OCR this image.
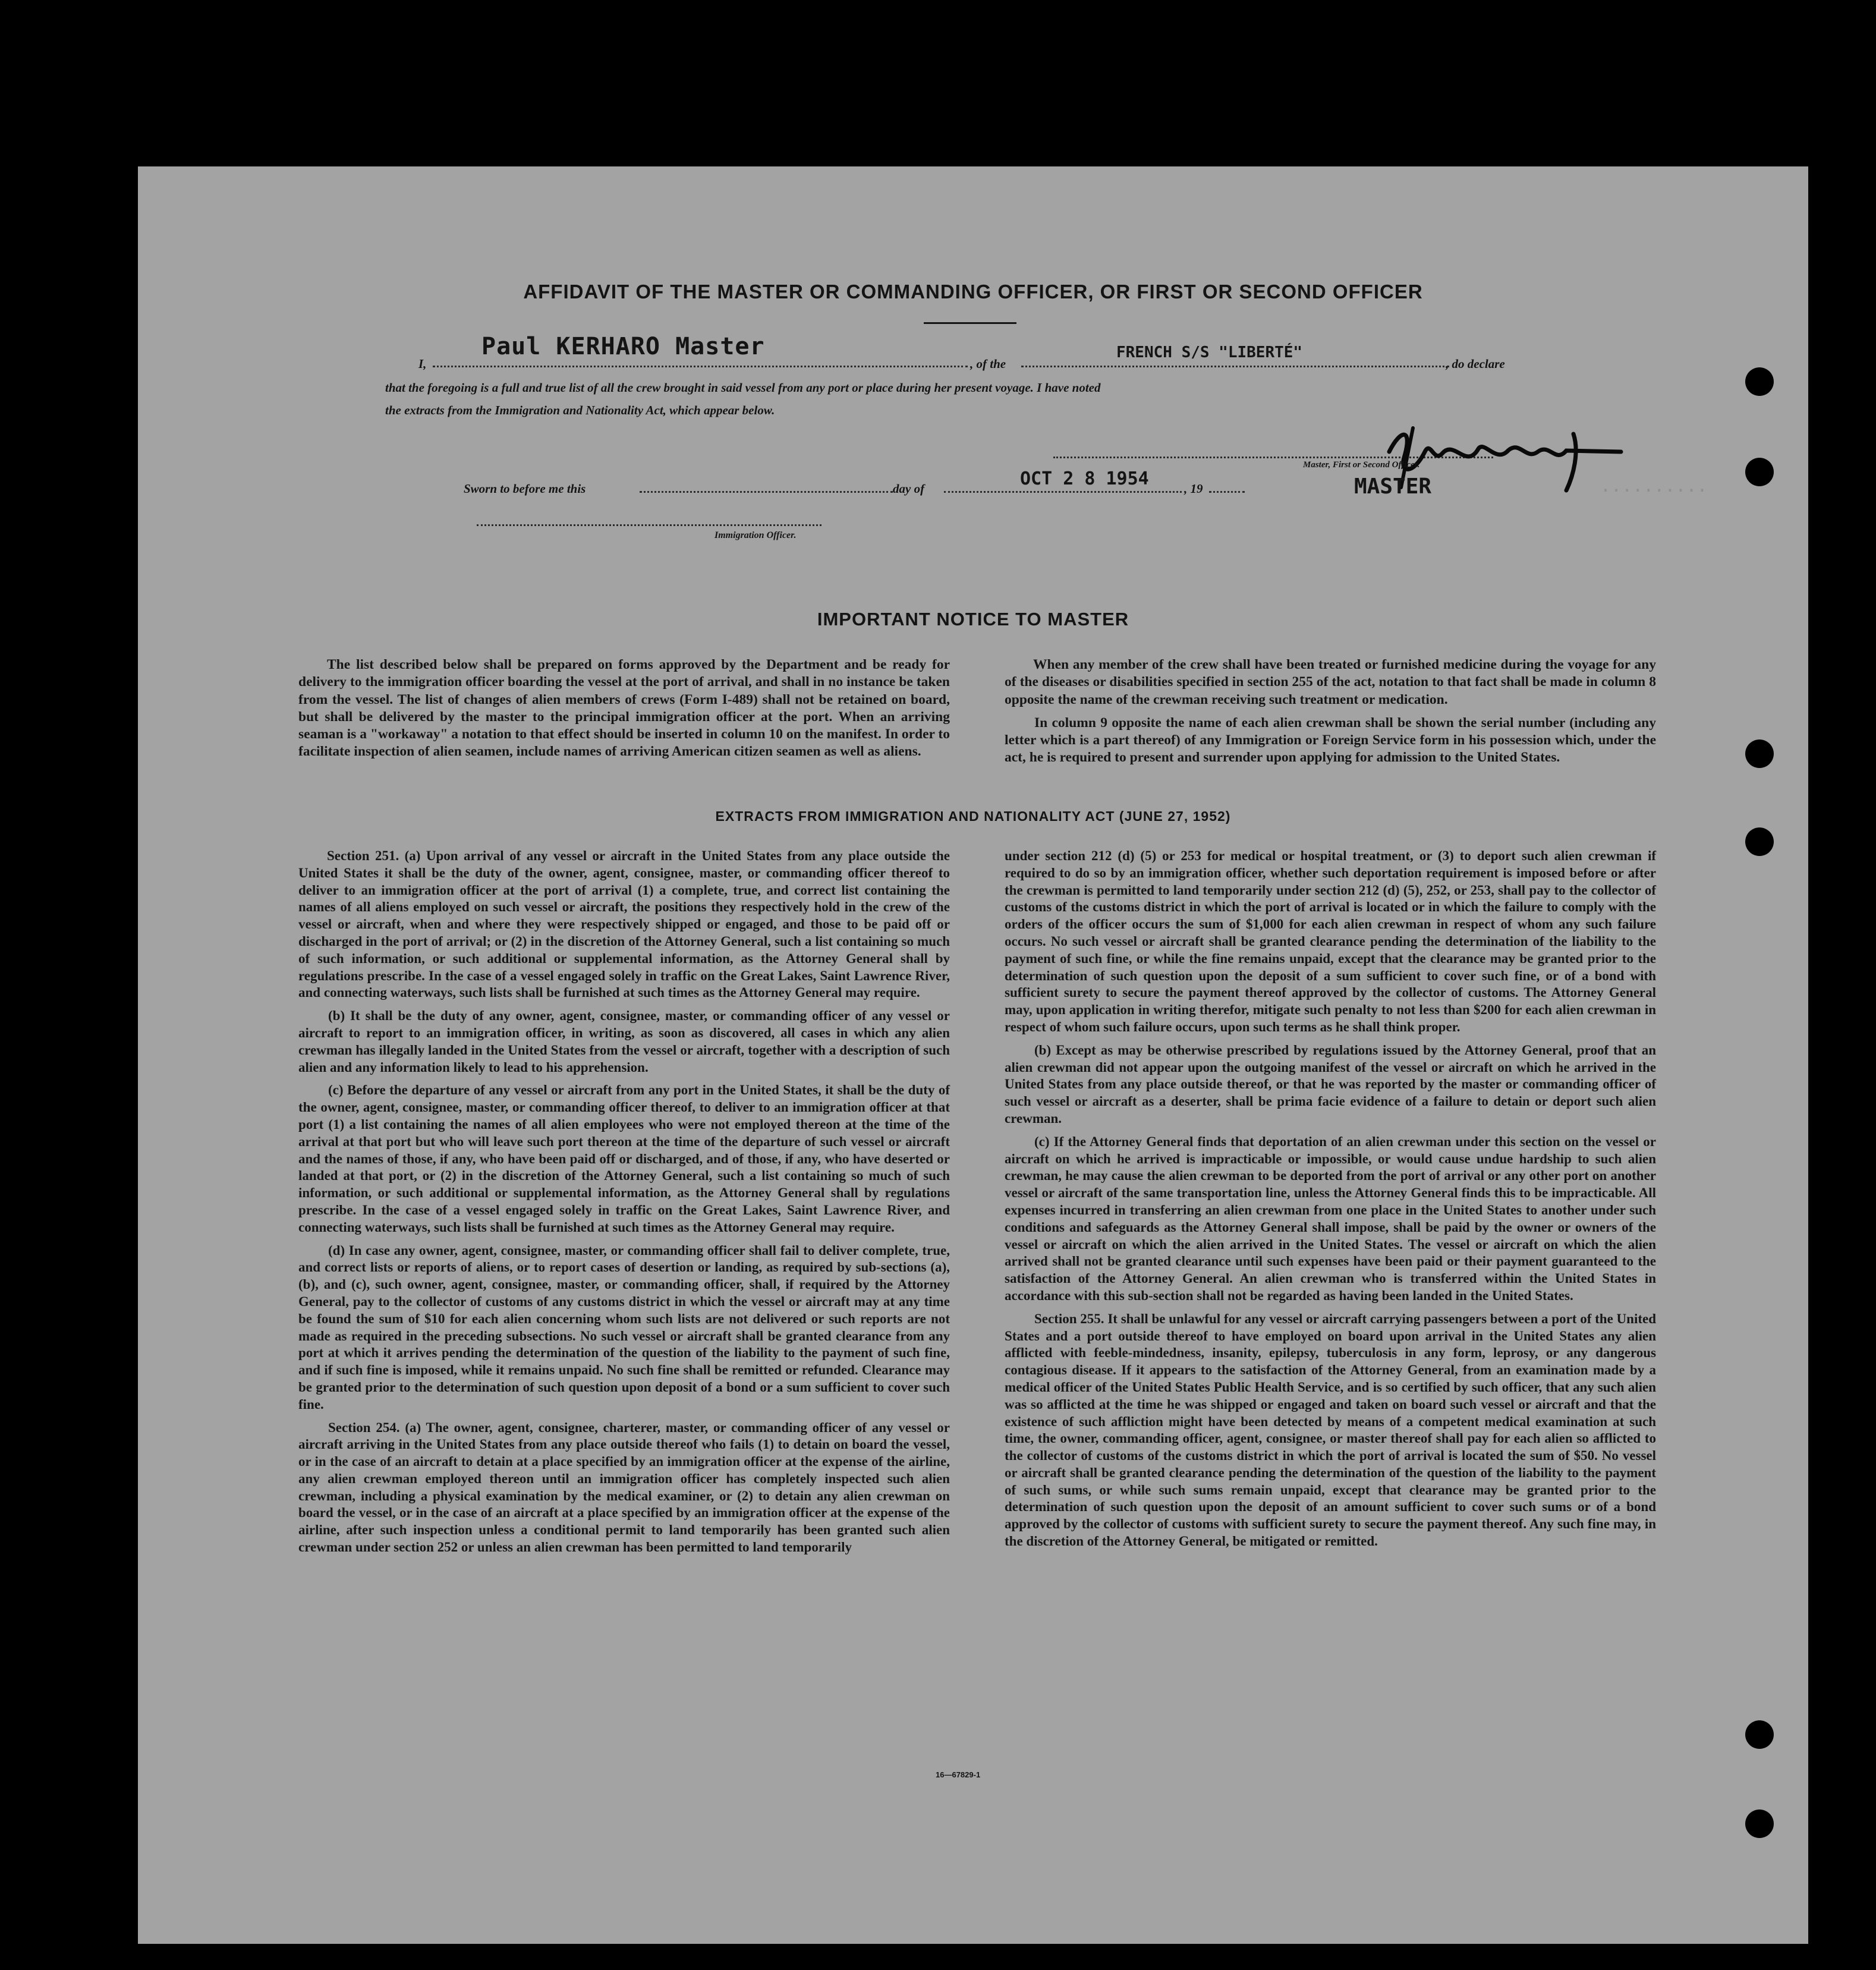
..........
AFFIDAVIT OF THE MASTER OR COMMANDING OFFICER, OR FIRST OR SECOND OFFICER
I,
Paul KERHARO Master
, of the
FRENCH S/S "LIBERTÉ"
, do declare
that the foregoing is a full and true list of all the crew brought in said vessel from any port or place during her present voyage. I have noted
the extracts from the Immigration and Nationality Act, which appear below.
Master, First or Second Officer.
MASTER
Sworn to before me this	day of	OCT 2 8 1954	, 19
Immigration Officer.
IMPORTANT NOTICE TO MASTER

The list described below shall be prepared on forms approved by the Department and be ready for delivery to the immigration officer boarding the vessel at the port of arrival, and shall in no instance be taken from the vessel. The list of changes of alien members of crews (Form I-489) shall not be retained on board, but shall be delivered by the master to the principal immigration officer at the port. When an arriving seaman is a "workaway" a notation to that effect should be inserted in column 10 on the manifest. In order to facilitate inspection of alien seamen, include names of arriving American citizen seamen as well as aliens.

When any member of the crew shall have been treated or furnished medicine during the voyage for any of the diseases or disabilities specified in section 255 of the act, notation to that fact shall be made in column 8 opposite the name of the crewman receiving such treatment or medication.

In column 9 opposite the name of each alien crewman shall be shown the serial number (including any letter which is a part thereof) of any Immigration or Foreign Service form in his possession which, under the act, he is required to present and surrender upon applying for admission to the United States.

EXTRACTS FROM IMMIGRATION AND NATIONALITY ACT (JUNE 27, 1952)

Section 251. (a) Upon arrival of any vessel or aircraft in the United States from any place outside the United States it shall be the duty of the owner, agent, consignee, master, or commanding officer thereof to deliver to an immigration officer at the port of arrival (1) a complete, true, and correct list containing the names of all aliens employed on such vessel or aircraft, the positions they respectively hold in the crew of the vessel or aircraft, when and where they were respectively shipped or engaged, and those to be paid off or discharged in the port of arrival; or (2) in the discretion of the Attorney General, such a list containing so much of such information, or such additional or supplemental information, as the Attorney General shall by regulations prescribe. In the case of a vessel engaged solely in traffic on the Great Lakes, Saint Lawrence River, and connecting waterways, such lists shall be furnished at such times as the Attorney General may require.

(b) It shall be the duty of any owner, agent, consignee, master, or commanding officer of any vessel or aircraft to report to an immigration officer, in writing, as soon as discovered, all cases in which any alien crewman has illegally landed in the United States from the vessel or aircraft, together with a description of such alien and any information likely to lead to his apprehension.

(c) Before the departure of any vessel or aircraft from any port in the United States, it shall be the duty of the owner, agent, consignee, master, or commanding officer thereof, to deliver to an immigration officer at that port (1) a list containing the names of all alien employees who were not employed thereon at the time of the arrival at that port but who will leave such port thereon at the time of the departure of such vessel or aircraft and the names of those, if any, who have been paid off or discharged, and of those, if any, who have deserted or landed at that port, or (2) in the discretion of the Attorney General, such a list containing so much of such information, or such additional or supplemental information, as the Attorney General shall by regulations prescribe. In the case of a vessel engaged solely in traffic on the Great Lakes, Saint Lawrence River, and connecting waterways, such lists shall be furnished at such times as the Attorney General may require.

(d) In case any owner, agent, consignee, master, or commanding officer shall fail to deliver complete, true, and correct lists or reports of aliens, or to report cases of desertion or landing, as required by sub-sections (a), (b), and (c), such owner, agent, consignee, master, or commanding officer, shall, if required by the Attorney General, pay to the collector of customs of any customs district in which the vessel or aircraft may at any time be found the sum of $10 for each alien concerning whom such lists are not delivered or such reports are not made as required in the preceding subsections. No such vessel or aircraft shall be granted clearance from any port at which it arrives pending the determination of the question of the liability to the payment of such fine, and if such fine is imposed, while it remains unpaid. No such fine shall be remitted or refunded. Clearance may be granted prior to the determination of such question upon deposit of a bond or a sum sufficient to cover such fine.

Section 254. (a) The owner, agent, consignee, charterer, master, or commanding officer of any vessel or aircraft arriving in the United States from any place outside thereof who fails (1) to detain on board the vessel, or in the case of an aircraft to detain at a place specified by an immigration officer at the expense of the airline, any alien crewman employed thereon until an immigration officer has completely inspected such alien crewman, including a physical examination by the medical examiner, or (2) to detain any alien crewman on board the vessel, or in the case of an aircraft at a place specified by an immigration officer at the expense of the airline, after such inspection unless a conditional permit to land temporarily has been granted such alien crewman under section 252 or unless an alien crewman has been permitted to land temporarily

under section 212 (d) (5) or 253 for medical or hospital treatment, or (3) to deport such alien crewman if required to do so by an immigration officer, whether such deportation requirement is imposed before or after the crewman is permitted to land temporarily under section 212 (d) (5), 252, or 253, shall pay to the collector of customs of the customs district in which the port of arrival is located or in which the failure to comply with the orders of the officer occurs the sum of $1,000 for each alien crewman in respect of whom any such failure occurs. No such vessel or aircraft shall be granted clearance pending the determination of the liability to the payment of such fine, or while the fine remains unpaid, except that the clearance may be granted prior to the determination of such question upon the deposit of a sum sufficient to cover such fine, or of a bond with sufficient surety to secure the payment thereof approved by the collector of customs. The Attorney General may, upon application in writing therefor, mitigate such penalty to not less than $200 for each alien crewman in respect of whom such failure occurs, upon such terms as he shall think proper.

(b) Except as may be otherwise prescribed by regulations issued by the Attorney General, proof that an alien crewman did not appear upon the outgoing manifest of the vessel or aircraft on which he arrived in the United States from any place outside thereof, or that he was reported by the master or commanding officer of such vessel or aircraft as a deserter, shall be prima facie evidence of a failure to detain or deport such alien crewman.

(c) If the Attorney General finds that deportation of an alien crewman under this section on the vessel or aircraft on which he arrived is impracticable or impossible, or would cause undue hardship to such alien crewman, he may cause the alien crewman to be deported from the port of arrival or any other port on another vessel or aircraft of the same transportation line, unless the Attorney General finds this to be impracticable. All expenses incurred in transferring an alien crewman from one place in the United States to another under such conditions and safeguards as the Attorney General shall impose, shall be paid by the owner or owners of the vessel or aircraft on which the alien arrived in the United States. The vessel or aircraft on which the alien arrived shall not be granted clearance until such expenses have been paid or their payment guaranteed to the satisfaction of the Attorney General. An alien crewman who is transferred within the United States in accordance with this sub-section shall not be regarded as having been landed in the United States.

Section 255. It shall be unlawful for any vessel or aircraft carrying passengers between a port of the United States and a port outside thereof to have employed on board upon arrival in the United States any alien afflicted with feeble-mindedness, insanity, epilepsy, tuberculosis in any form, leprosy, or any dangerous contagious disease. If it appears to the satisfaction of the Attorney General, from an examination made by a medical officer of the United States Public Health Service, and is so certified by such officer, that any such alien was so afflicted at the time he was shipped or engaged and taken on board such vessel or aircraft and that the existence of such affliction might have been detected by means of a competent medical examination at such time, the owner, commanding officer, agent, consignee, or master thereof shall pay for each alien so afflicted to the collector of customs of the customs district in which the port of arrival is located the sum of $50. No vessel or aircraft shall be granted clearance pending the determination of the question of the liability to the payment of such sums, or while such sums remain unpaid, except that clearance may be granted prior to the determination of such question upon the deposit of an amount sufficient to cover such sums or of a bond approved by the collector of customs with sufficient surety to secure the payment thereof. Any such fine may, in the discretion of the Attorney General, be mitigated or remitted.

16—67829-1
